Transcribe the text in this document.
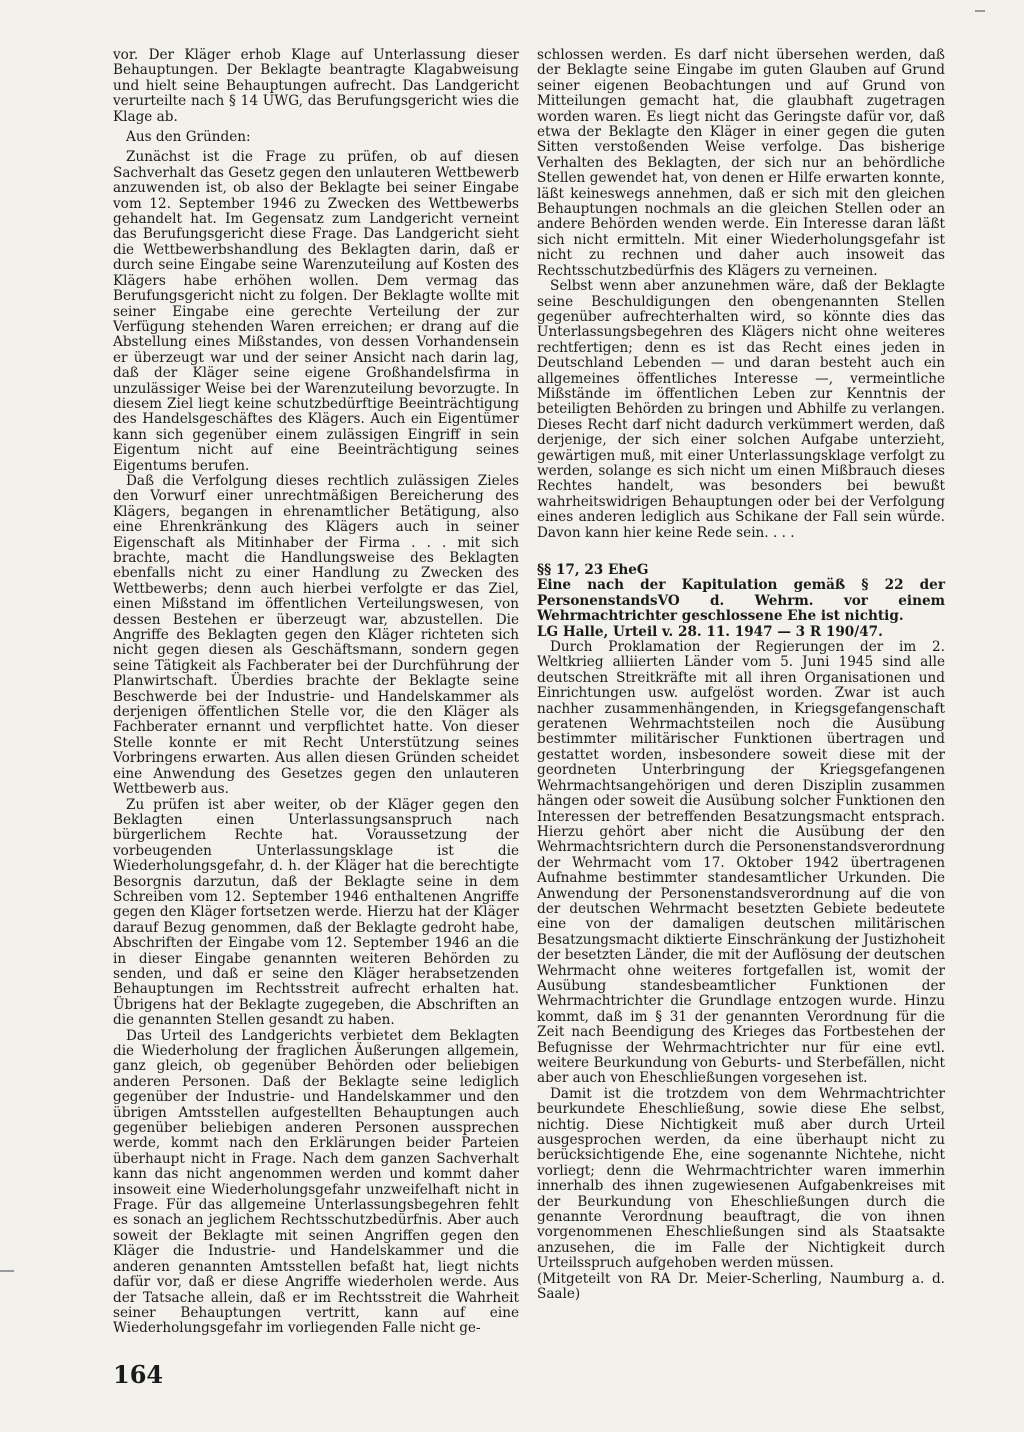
vor. Der Kläger erhob Klage auf Unterlassung dieser Behauptungen. Der Beklagte beantragte Klagabweisung und hielt seine Behauptungen aufrecht. Das Landgericht verurteilte nach § 14 UWG, das Berufungsgericht wies die Klage ab.

Aus den Gründen:

Zunächst ist die Frage zu prüfen, ob auf diesen Sachverhalt das Gesetz gegen den unlauteren Wettbewerb anzuwenden ist, ob also der Beklagte bei seiner Eingabe vom 12. September 1946 zu Zwecken des Wettbewerbs gehandelt hat. Im Gegensatz zum Landgericht verneint das Berufungsgericht diese Frage. Das Landgericht sieht die Wettbewerbshandlung des Beklagten darin, daß er durch seine Eingabe seine Warenzuteilung auf Kosten des Klägers habe erhöhen wollen. Dem vermag das Berufungsgericht nicht zu folgen. Der Beklagte wollte mit seiner Eingabe eine gerechte Verteilung der zur Verfügung stehenden Waren erreichen; er drang auf die Abstellung eines Mißstandes, von dessen Vorhandensein er überzeugt war und der seiner Ansicht nach darin lag, daß der Kläger seine eigene Großhandelsfirma in unzulässiger Weise bei der Warenzuteilung bevorzugte. In diesem Ziel liegt keine schutzbedürftige Beeinträchtigung des Handelsgeschäftes des Klägers. Auch ein Eigentümer kann sich gegenüber einem zulässigen Eingriff in sein Eigentum nicht auf eine Beeinträchtigung seines Eigentums berufen.

Daß die Verfolgung dieses rechtlich zulässigen Zieles den Vorwurf einer unrechtmäßigen Bereicherung des Klägers, begangen in ehrenamtlicher Betätigung, also eine Ehrenkränkung des Klägers auch in seiner Eigenschaft als Mitinhaber der Firma . . . mit sich brachte, macht die Handlungsweise des Beklagten ebenfalls nicht zu einer Handlung zu Zwecken des Wettbewerbs; denn auch hierbei verfolgte er das Ziel, einen Mißstand im öffentlichen Verteilungswesen, von dessen Bestehen er überzeugt war, abzustellen. Die Angriffe des Beklagten gegen den Kläger richteten sich nicht gegen diesen als Geschäftsmann, sondern gegen seine Tätigkeit als Fachberater bei der Durchführung der Planwirtschaft. Überdies brachte der Beklagte seine Beschwerde bei der Industrie- und Handelskammer als derjenigen öffentlichen Stelle vor, die den Kläger als Fachberater ernannt und verpflichtet hatte. Von dieser Stelle konnte er mit Recht Unterstützung seines Vorbringens erwarten. Aus allen diesen Gründen scheidet eine Anwendung des Gesetzes gegen den unlauteren Wettbewerb aus.

Zu prüfen ist aber weiter, ob der Kläger gegen den Beklagten einen Unterlassungsanspruch nach bürgerlichem Rechte hat. Voraussetzung der vorbeugenden Unterlassungsklage ist die Wiederholungsgefahr, d. h. der Kläger hat die berechtigte Besorgnis darzutun, daß der Beklagte seine in dem Schreiben vom 12. September 1946 enthaltenen Angriffe gegen den Kläger fortsetzen werde. Hierzu hat der Kläger darauf Bezug genommen, daß der Beklagte gedroht habe, Abschriften der Eingabe vom 12. September 1946 an die in dieser Eingabe genannten weiteren Behörden zu senden, und daß er seine den Kläger herabsetzenden Behauptungen im Rechtsstreit aufrecht erhalten hat. Übrigens hat der Beklagte zugegeben, die Abschriften an die genannten Stellen gesandt zu haben.

Das Urteil des Landgerichts verbietet dem Beklagten die Wiederholung der fraglichen Äußerungen allgemein, ganz gleich, ob gegenüber Behörden oder beliebigen anderen Personen. Daß der Beklagte seine lediglich gegenüber der Industrie- und Handelskammer und den übrigen Amtsstellen aufgestellten Behauptungen auch gegenüber beliebigen anderen Personen aussprechen werde, kommt nach den Erklärungen beider Parteien überhaupt nicht in Frage. Nach dem ganzen Sachverhalt kann das nicht angenommen werden und kommt daher insoweit eine Wiederholungsgefahr unzweifelhaft nicht in Frage. Für das allgemeine Unterlassungsbegehren fehlt es sonach an jeglichem Rechtsschutzbedürfnis. Aber auch soweit der Beklagte mit seinen Angriffen gegen den Kläger die Industrie- und Handelskammer und die anderen genannten Amtsstellen befaßt hat, liegt nichts dafür vor, daß er diese Angriffe wiederholen werde. Aus der Tatsache allein, daß er im Rechtsstreit die Wahrheit seiner Behauptungen vertritt, kann auf eine Wiederholungsgefahr im vorliegenden Falle nicht ge-

schlossen werden. Es darf nicht übersehen werden, daß der Beklagte seine Eingabe im guten Glauben auf Grund seiner eigenen Beobachtungen und auf Grund von Mitteilungen gemacht hat, die glaubhaft zugetragen worden waren. Es liegt nicht das Geringste dafür vor, daß etwa der Beklagte den Kläger in einer gegen die guten Sitten verstoßenden Weise verfolge. Das bisherige Verhalten des Beklagten, der sich nur an behördliche Stellen gewendet hat, von denen er Hilfe erwarten konnte, läßt keineswegs annehmen, daß er sich mit den gleichen Behauptungen nochmals an die gleichen Stellen oder an andere Behörden wenden werde. Ein Interesse daran läßt sich nicht ermitteln. Mit einer Wiederholungsgefahr ist nicht zu rechnen und daher auch insoweit das Rechtsschutzbedürfnis des Klägers zu verneinen.

Selbst wenn aber anzunehmen wäre, daß der Beklagte seine Beschuldigungen den obengenannten Stellen gegenüber aufrechterhalten wird, so könnte dies das Unterlassungsbegehren des Klägers nicht ohne weiteres rechtfertigen; denn es ist das Recht eines jeden in Deutschland Lebenden — und daran besteht auch ein allgemeines öffentliches Interesse —, vermeintliche Mißstände im öffentlichen Leben zur Kenntnis der beteiligten Behörden zu bringen und Abhilfe zu verlangen. Dieses Recht darf nicht dadurch verkümmert werden, daß derjenige, der sich einer solchen Aufgabe unterzieht, gewärtigen muß, mit einer Unterlassungsklage verfolgt zu werden, solange es sich nicht um einen Mißbrauch dieses Rechtes handelt, was besonders bei bewußt wahrheitswidrigen Behauptungen oder bei der Verfolgung eines anderen lediglich aus Schikane der Fall sein würde. Davon kann hier keine Rede sein. . . .

§§ 17, 23 EheG

Eine nach der Kapitulation gemäß § 22 der PersonenstandsVO d. Wehrm. vor einem Wehrmachtrichter geschlossene Ehe ist nichtig.

LG Halle, Urteil v. 28. 11. 1947 — 3 R 190/47.

Durch Proklamation der Regierungen der im 2. Weltkrieg alliierten Länder vom 5. Juni 1945 sind alle deutschen Streitkräfte mit all ihren Organisationen und Einrichtungen usw. aufgelöst worden. Zwar ist auch nachher zusammenhängenden, in Kriegsgefangenschaft geratenen Wehrmachtsteilen noch die Ausübung bestimmter militärischer Funktionen übertragen und gestattet worden, insbesondere soweit diese mit der geordneten Unterbringung der Kriegsgefangenen Wehrmachtsangehörigen und deren Disziplin zusammen hängen oder soweit die Ausübung solcher Funktionen den Interessen der betreffenden Besatzungsmacht entsprach. Hierzu gehört aber nicht die Ausübung der den Wehrmachtsrichtern durch die Personenstandsverordnung der Wehrmacht vom 17. Oktober 1942 übertragenen Aufnahme bestimmter standesamtlicher Urkunden. Die Anwendung der Personenstandsverordnung auf die von der deutschen Wehrmacht besetzten Gebiete bedeutete eine von der damaligen deutschen militärischen Besatzungsmacht diktierte Einschränkung der Justizhoheit der besetzten Länder, die mit der Auflösung der deutschen Wehrmacht ohne weiteres fortgefallen ist, womit der Ausübung standesbeamtlicher Funktionen der Wehrmachtrichter die Grundlage entzogen wurde. Hinzu kommt, daß im § 31 der genannten Verordnung für die Zeit nach Beendigung des Krieges das Fortbestehen der Befugnisse der Wehrmachtrichter nur für eine evtl. weitere Beurkundung von Geburts- und Sterbefällen, nicht aber auch von Eheschließungen vorgesehen ist.

Damit ist die trotzdem von dem Wehrmachtrichter beurkundete Eheschließung, sowie diese Ehe selbst, nichtig. Diese Nichtigkeit muß aber durch Urteil ausgesprochen werden, da eine überhaupt nicht zu berücksichtigende Ehe, eine sogenannte Nichtehe, nicht vorliegt; denn die Wehrmachtrichter waren immerhin innerhalb des ihnen zugewiesenen Aufgabenkreises mit der Beurkundung von Eheschließungen durch die genannte Verordnung beauftragt, die von ihnen vorgenommenen Eheschließungen sind als Staatsakte anzusehen, die im Falle der Nichtigkeit durch Urteilsspruch aufgehoben werden müssen.

(Mitgeteilt von RA Dr. Meier-Scherling, Naumburg a. d. Saale)

164
